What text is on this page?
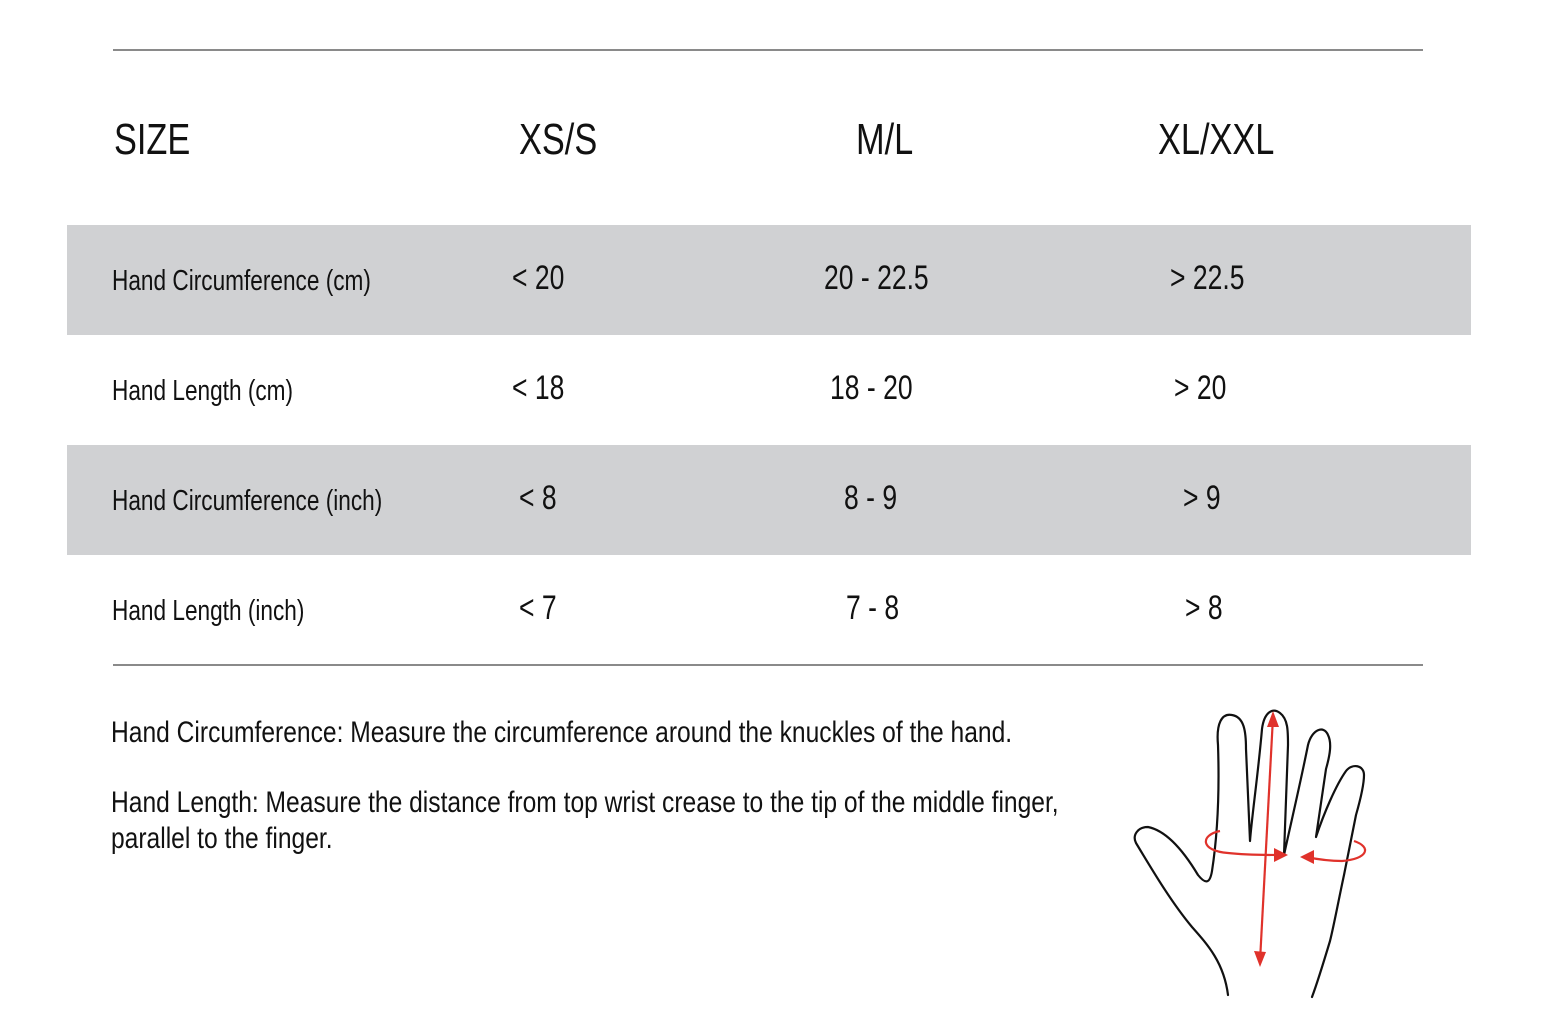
SIZE	XS/S	M/L	XL/XXL
Hand Circumference (cm)	< 20	20 - 22.5	> 22.5
Hand Length (cm)	< 18	18 - 20	> 20
Hand Circumference (inch)	< 8	8 - 9	> 9
Hand Length (inch)	< 7	7 - 8	> 8

Hand Circumference: Measure the circumference around the knuckles of the hand.

Hand Length: Measure the distance from top wrist crease to the tip of the middle finger,
parallel to the finger.
